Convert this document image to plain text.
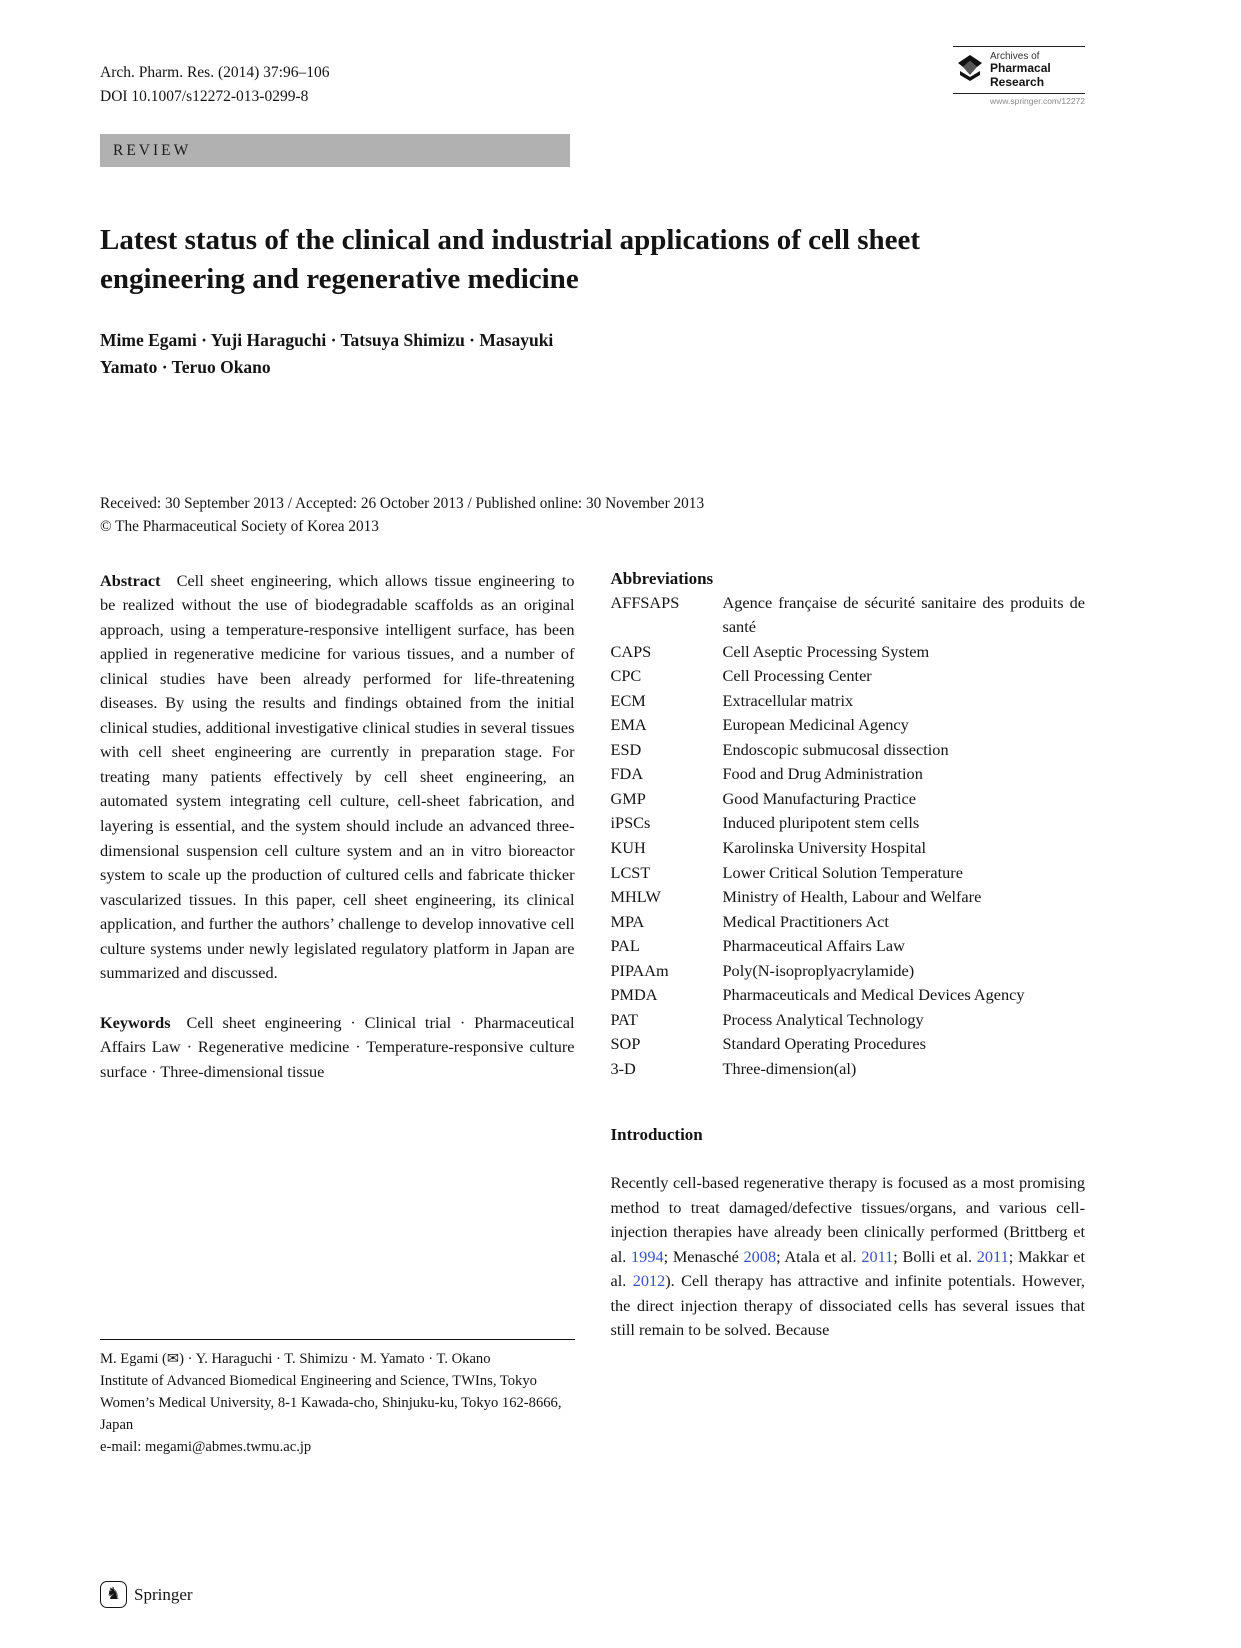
Arch. Pharm. Res. (2014) 37:96–106
DOI 10.1007/s12272-013-0299-8
Archives of
Pharmacal
Research
www.springer.com/12272
REVIEW
Latest status of the clinical and industrial applications of cell sheet engineering and regenerative medicine
Mime Egami · Yuji Haraguchi · Tatsuya Shimizu · Masayuki Yamato · Teruo Okano
Received: 30 September 2013 / Accepted: 26 October 2013 / Published online: 30 November 2013
© The Pharmaceutical Society of Korea 2013

Abstract Cell sheet engineering, which allows tissue engineering to be realized without the use of biodegradable scaffolds as an original approach, using a temperature-responsive intelligent surface, has been applied in regenerative medicine for various tissues, and a number of clinical studies have been already performed for life-threatening diseases. By using the results and findings obtained from the initial clinical studies, additional investigative clinical studies in several tissues with cell sheet engineering are currently in preparation stage. For treating many patients effectively by cell sheet engineering, an automated system integrating cell culture, cell-sheet fabrication, and layering is essential, and the system should include an advanced three-dimensional suspension cell culture system and an in vitro bioreactor system to scale up the production of cultured cells and fabricate thicker vascularized tissues. In this paper, cell sheet engineering, its clinical application, and further the authors’ challenge to develop innovative cell culture systems under newly legislated regulatory platform in Japan are summarized and discussed.

Keywords Cell sheet engineering · Clinical trial · Pharmaceutical Affairs Law · Regenerative medicine · Temperature-responsive culture surface · Three-dimensional tissue

M. Egami (✉) · Y. Haraguchi · T. Shimizu · M. Yamato · T. Okano

Institute of Advanced Biomedical Engineering and Science, TWIns, Tokyo Women’s Medical University, 8-1 Kawada-cho, Shinjuku-ku, Tokyo 162-8666, Japan

e-mail: megami@abmes.twmu.ac.jp

Abbreviations
AFFSAPS	Agence française de sécurité sanitaire des produits de santé
CAPS	Cell Aseptic Processing System
CPC	Cell Processing Center
ECM	Extracellular matrix
EMA	European Medicinal Agency
ESD	Endoscopic submucosal dissection
FDA	Food and Drug Administration
GMP	Good Manufacturing Practice
iPSCs	Induced pluripotent stem cells
KUH	Karolinska University Hospital
LCST	Lower Critical Solution Temperature
MHLW	Ministry of Health, Labour and Welfare
MPA	Medical Practitioners Act
PAL	Pharmaceutical Affairs Law
PIPAAm	Poly(N-isoproplyacrylamide)
PMDA	Pharmaceuticals and Medical Devices Agency
PAT	Process Analytical Technology
SOP	Standard Operating Procedures
3-D	Three-dimension(al)
Introduction

Recently cell-based regenerative therapy is focused as a most promising method to treat damaged/defective tissues/organs, and various cell-injection therapies have already been clinically performed (Brittberg et al. 1994; Menasché 2008; Atala et al. 2011; Bolli et al. 2011; Makkar et al. 2012). Cell therapy has attractive and infinite potentials. However, the direct injection therapy of dissociated cells has several issues that still remain to be solved. Because

♞ Springer
